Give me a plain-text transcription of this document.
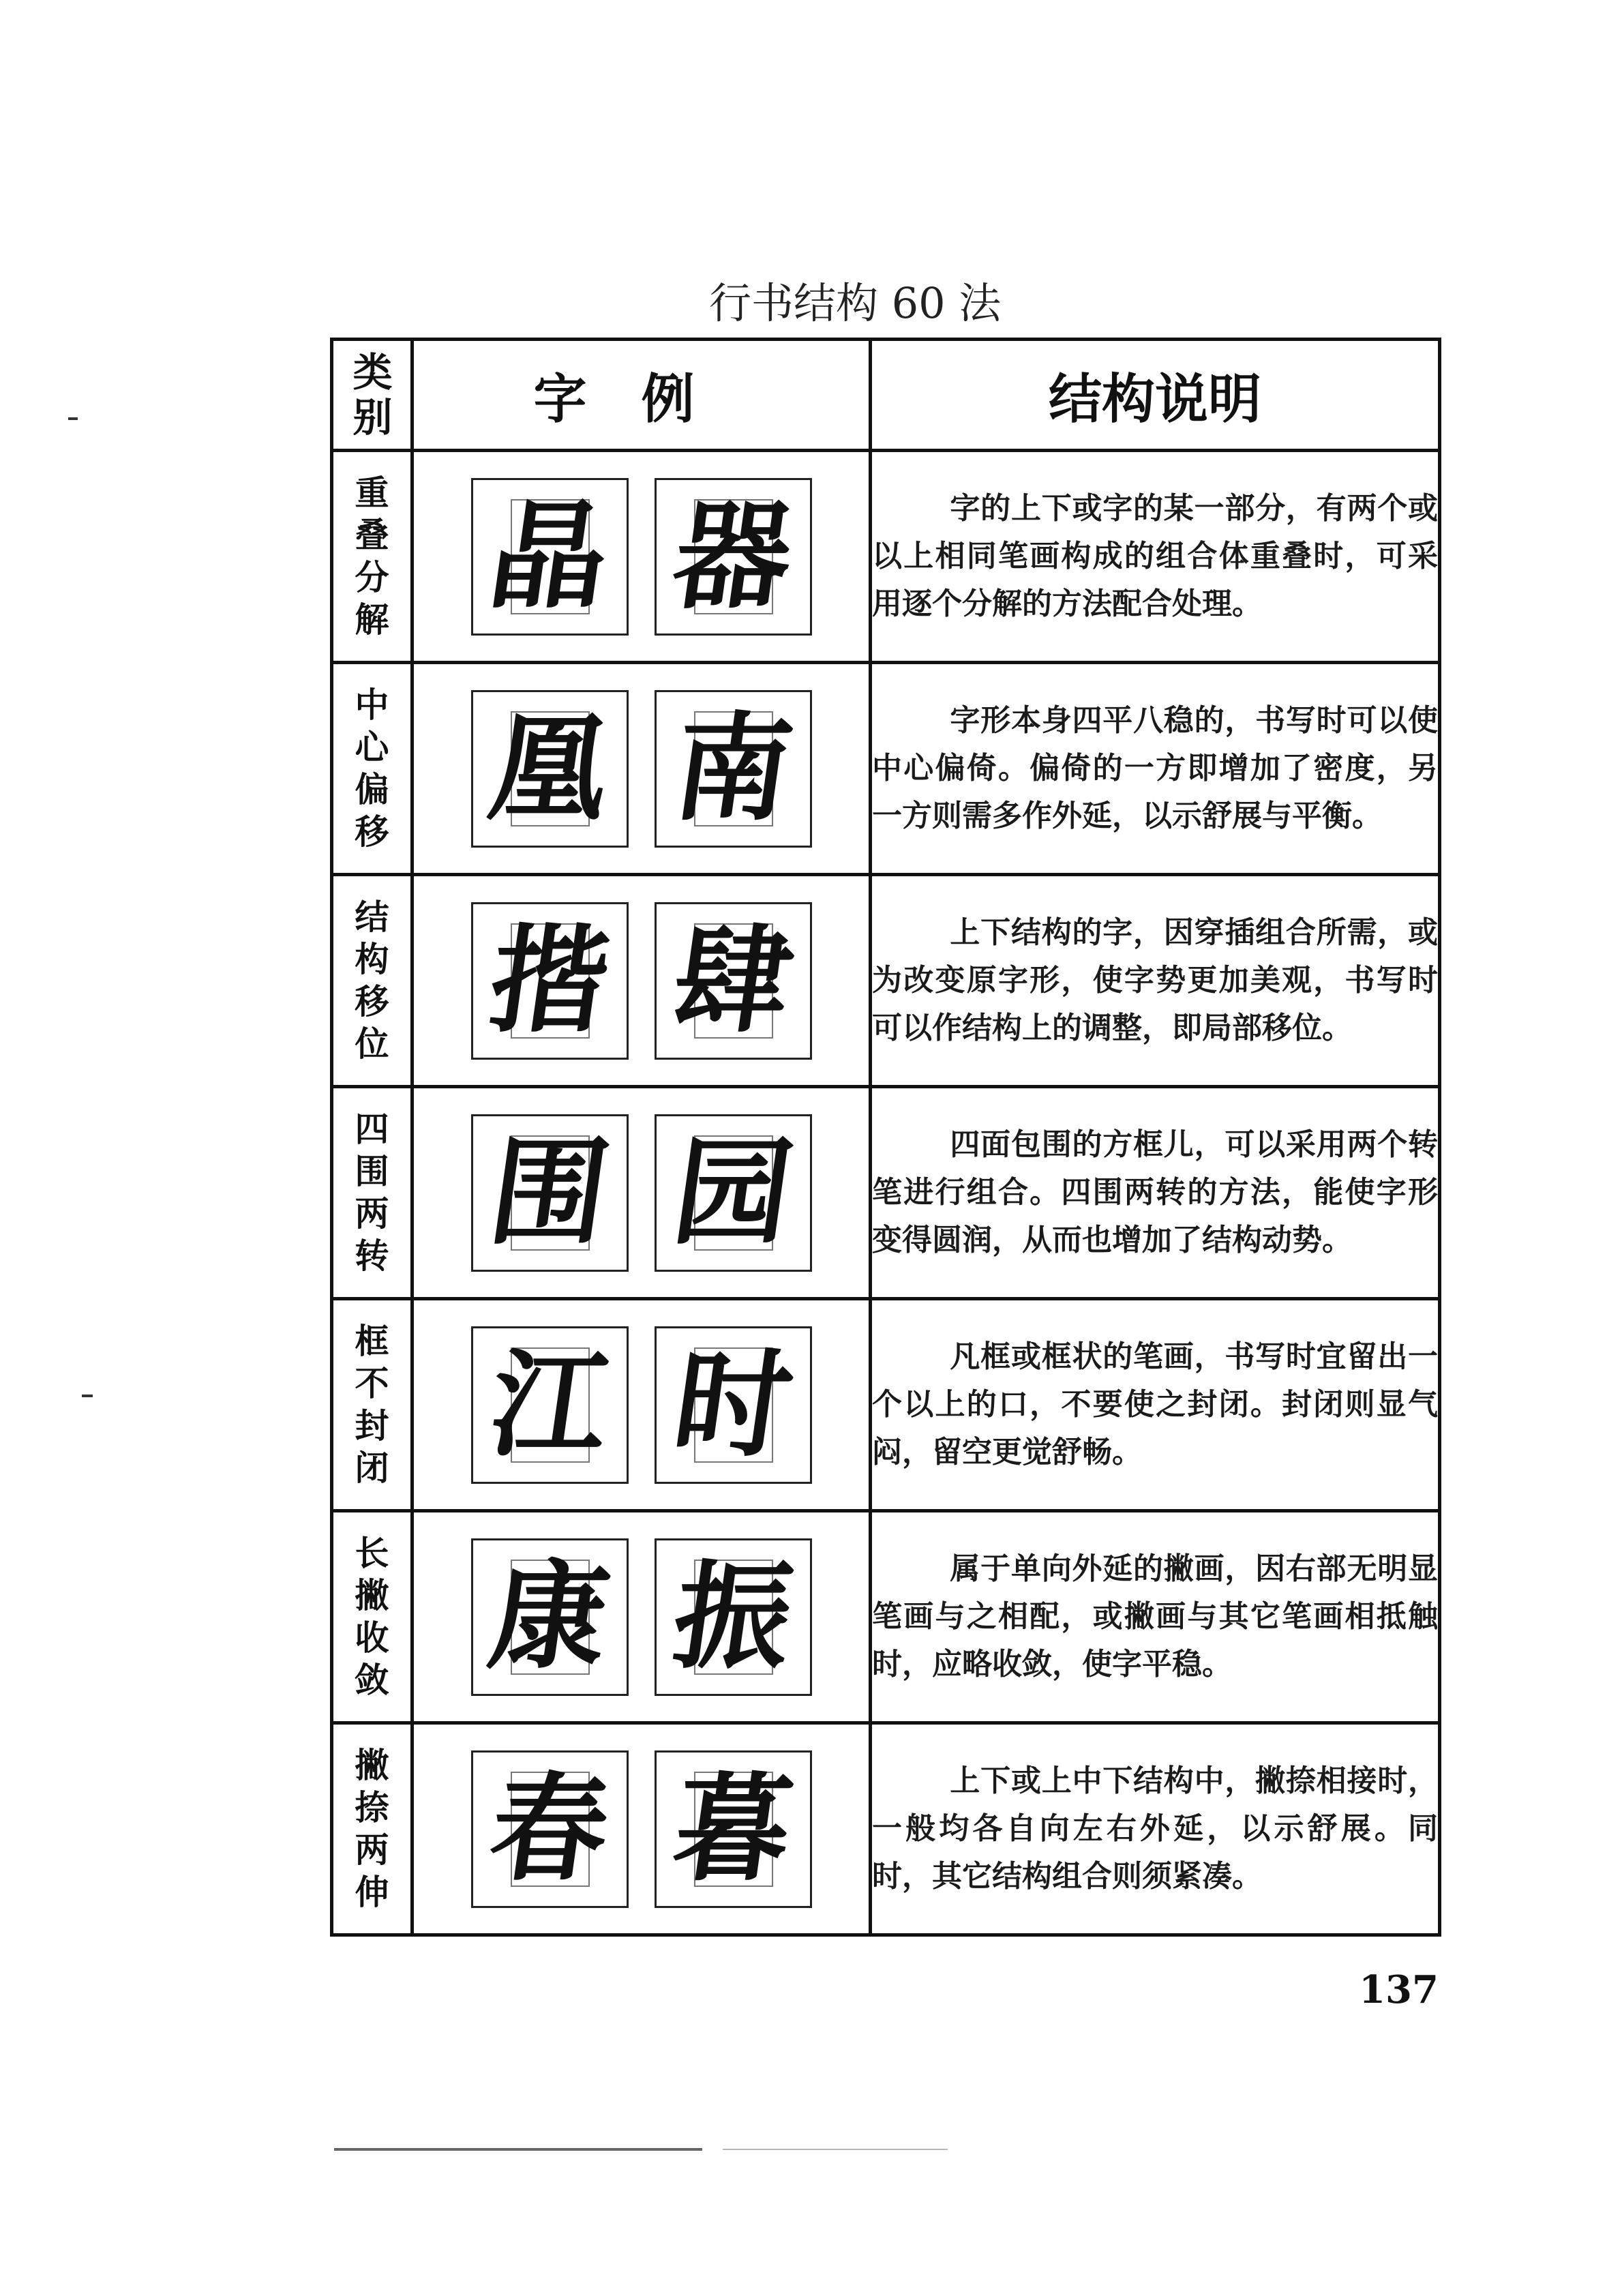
行书结构 60 法
类别	字例	结构说明
重叠分解	晶 器	字的上下或字的某一部分，有两个或以上相同笔画构成的组合体重叠时，可采用逐个分解的方法配合处理。

中心偏移	凰 南	字形本身四平八稳的，书写时可以使中心偏倚。偏倚的一方即增加了密度，另一方则需多作外延，以示舒展与平衡。

结构移位	揩 肆	上下结构的字，因穿插组合所需，或为改变原字形，使字势更加美观，书写时可以作结构上的调整，即局部移位。

四围两转	围 园	四面包围的方框儿，可以采用两个转笔进行组合。四围两转的方法，能使字形变得圆润，从而也增加了结构动势。

框不封闭	江 时	凡框或框状的笔画，书写时宜留出一个以上的口，不要使之封闭。封闭则显气闷，留空更觉舒畅。

长撇收敛	康 振	属于单向外延的撇画，因右部无明显笔画与之相配，或撇画与其它笔画相抵触时，应略收敛，使字平稳。

撇捺两伸	春 暮	上下或上中下结构中，撇捺相接时，一般均各自向左右外延，以示舒展。同时，其它结构组合则须紧凑。
137
